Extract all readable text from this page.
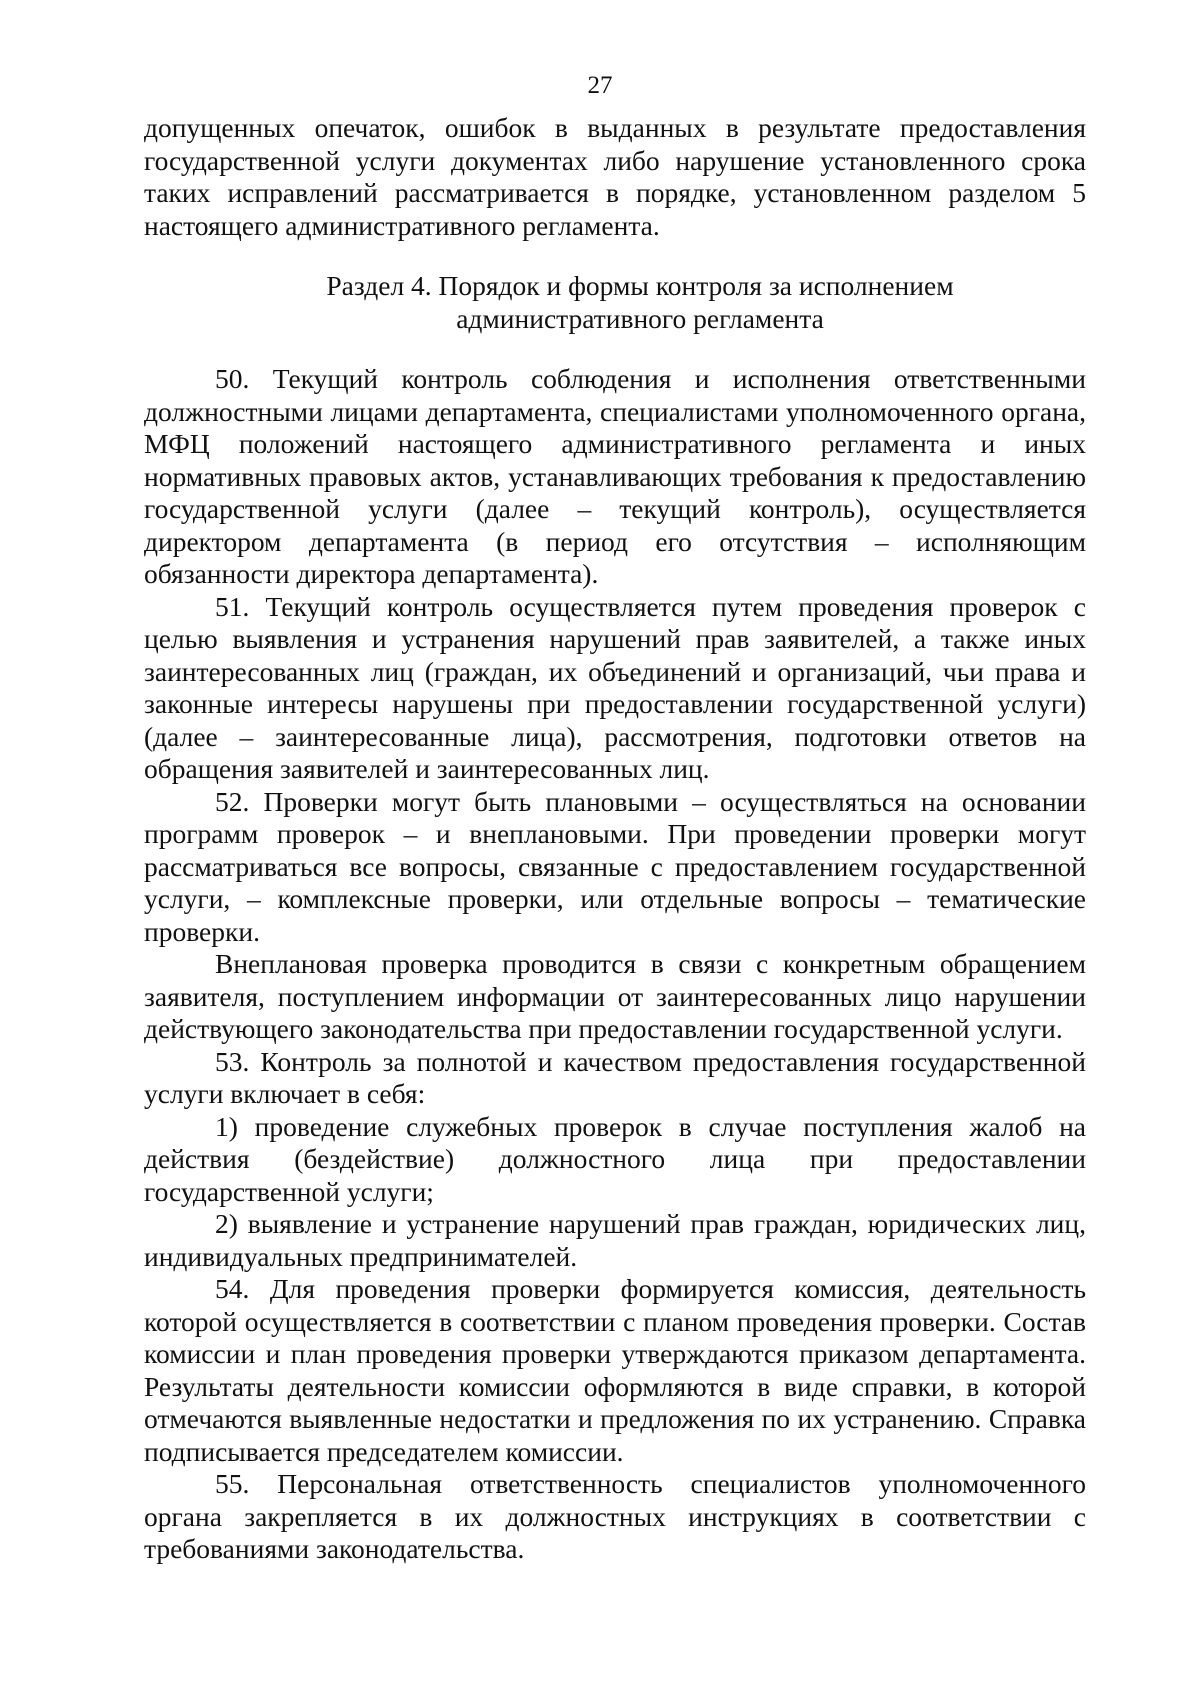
27

допущенных опечаток, ошибок в выданных в результате предоставления государственной услуги документах либо нарушение установленного срока таких исправлений рассматривается в порядке, установленном разделом 5 настоящего административного регламента.

Раздел 4. Порядок и формы контроля за исполнением
административного регламента

50. Текущий контроль соблюдения и исполнения ответственными должностными лицами департамента, специалистами уполномоченного органа, МФЦ положений настоящего административного регламента и иных нормативных правовых актов, устанавливающих требования к предоставлению государственной услуги (далее – текущий контроль), осуществляется директором департамента (в период его отсутствия – исполняющим обязанности директора департамента).

51. Текущий контроль осуществляется путем проведения проверок с целью выявления и устранения нарушений прав заявителей, а также иных заинтересованных лиц (граждан, их объединений и организаций, чьи права и законные интересы нарушены при предоставлении государственной услуги) (далее – заинтересованные лица), рассмотрения, подготовки ответов на обращения заявителей и заинтересованных лиц.

52. Проверки могут быть плановыми – осуществляться на основании программ проверок – и внеплановыми. При проведении проверки могут рассматриваться все вопросы, связанные с предоставлением государственной услуги, – комплексные проверки, или отдельные вопросы – тематические проверки.

Внеплановая проверка проводится в связи с конкретным обращением заявителя, поступлением информации от заинтересованных лицо нарушении действующего законодательства при предоставлении государственной услуги.

53. Контроль за полнотой и качеством предоставления государственной услуги включает в себя:

1) проведение служебных проверок в случае поступления жалоб на действия (бездействие) должностного лица при предоставлении государственной услуги;

2) выявление и устранение нарушений прав граждан, юридических лиц, индивидуальных предпринимателей.

54. Для проведения проверки формируется комиссия, деятельность которой осуществляется в соответствии с планом проведения проверки. Состав комиссии и план проведения проверки утверждаются приказом департамента. Результаты деятельности комиссии оформляются в виде справки, в которой отмечаются выявленные недостатки и предложения по их устранению. Справка подписывается председателем комиссии.

55. Персональная ответственность специалистов уполномоченного органа закрепляется в их должностных инструкциях в соответствии с требованиями законодательства.
